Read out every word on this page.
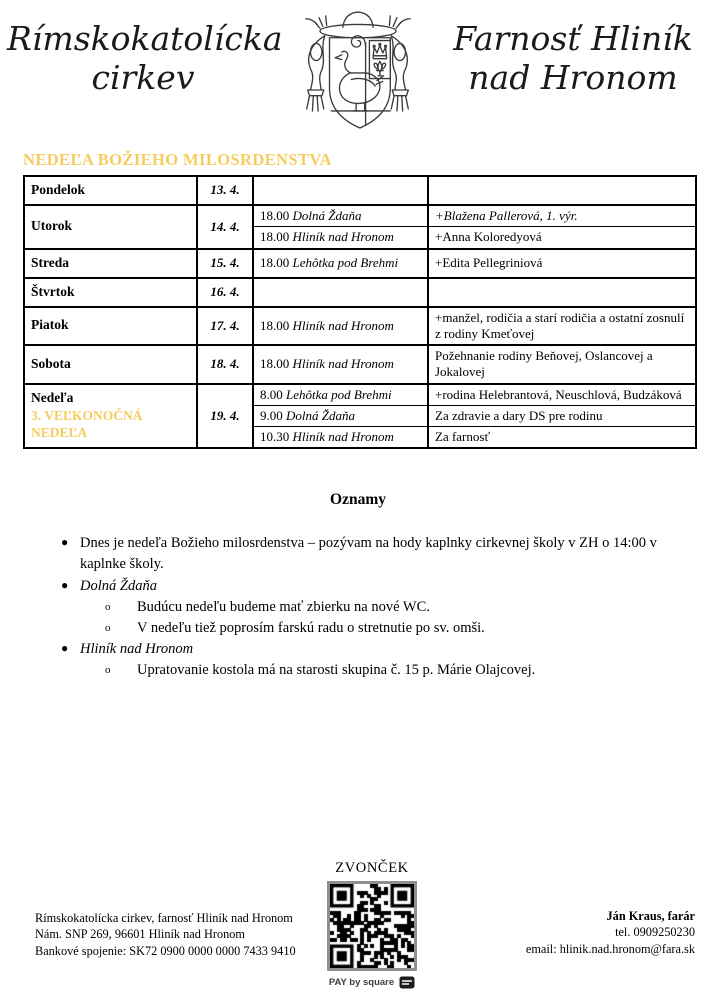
Rímskokatolícka
cirkev
Farnosť Hliník
nad Hronom
NEDEĽA BOŽIEHO MILOSRDENSTVA
Pondelok	13. 4.		

Utorok	14. 4.	18.00 Dolná Ždaňa	+Blažena Pallerová, 1. výr.
		18.00 Hliník nad Hronom	+Anna Koloredyová

Streda	15. 4.	18.00 Lehôtka pod Brehmi	+Edita Pellegriniová

Štvrtok	16. 4.		

Piatok	17. 4.	18.00 Hliník nad Hronom	+manžel, rodičia a starí rodičia a ostatní zosnulí z rodiny Kmeťovej

Sobota	18. 4.	18.00 Hliník nad Hronom	Požehnanie rodiny Beňovej, Oslancovej a Jokalovej

Nedeľa
3. VEĽKONOČNÁ NEDEĽA	19. 4.	8.00 Lehôtka pod Brehmi	+rodina Helebrantová, Neuschlová, Budzáková
		9.00 Dolná Ždaňa	Za zdravie a dary DS pre rodinu
		10.30 Hliník nad Hronom	Za farnosť
Oznamy
● Dnes je nedeľa Božieho milosrdenstva – pozývam na hody kaplnky cirkevnej školy v ZH o 14:00 v kaplnke školy.
● Dolná Ždaňa
o	Budúcu nedeľu budeme mať zbierku na nové WC.
o	V nedeľu tiež poprosím farskú radu o stretnutie po sv. omši.
● Hliník nad Hronom
o	Upratovanie kostola má na starosti skupina č. 15 p. Márie Olajcovej.
ZVONČEK
PAY by square
Rímskokatolícka cirkev, farnosť Hliník nad Hronom
Nám. SNP 269, 96601 Hliník nad Hronom
Bankové spojenie: SK72 0900 0000 0000 7433 9410
Ján Kraus, farár
tel. 0909250230
email: hlinik.nad.hronom@fara.sk
